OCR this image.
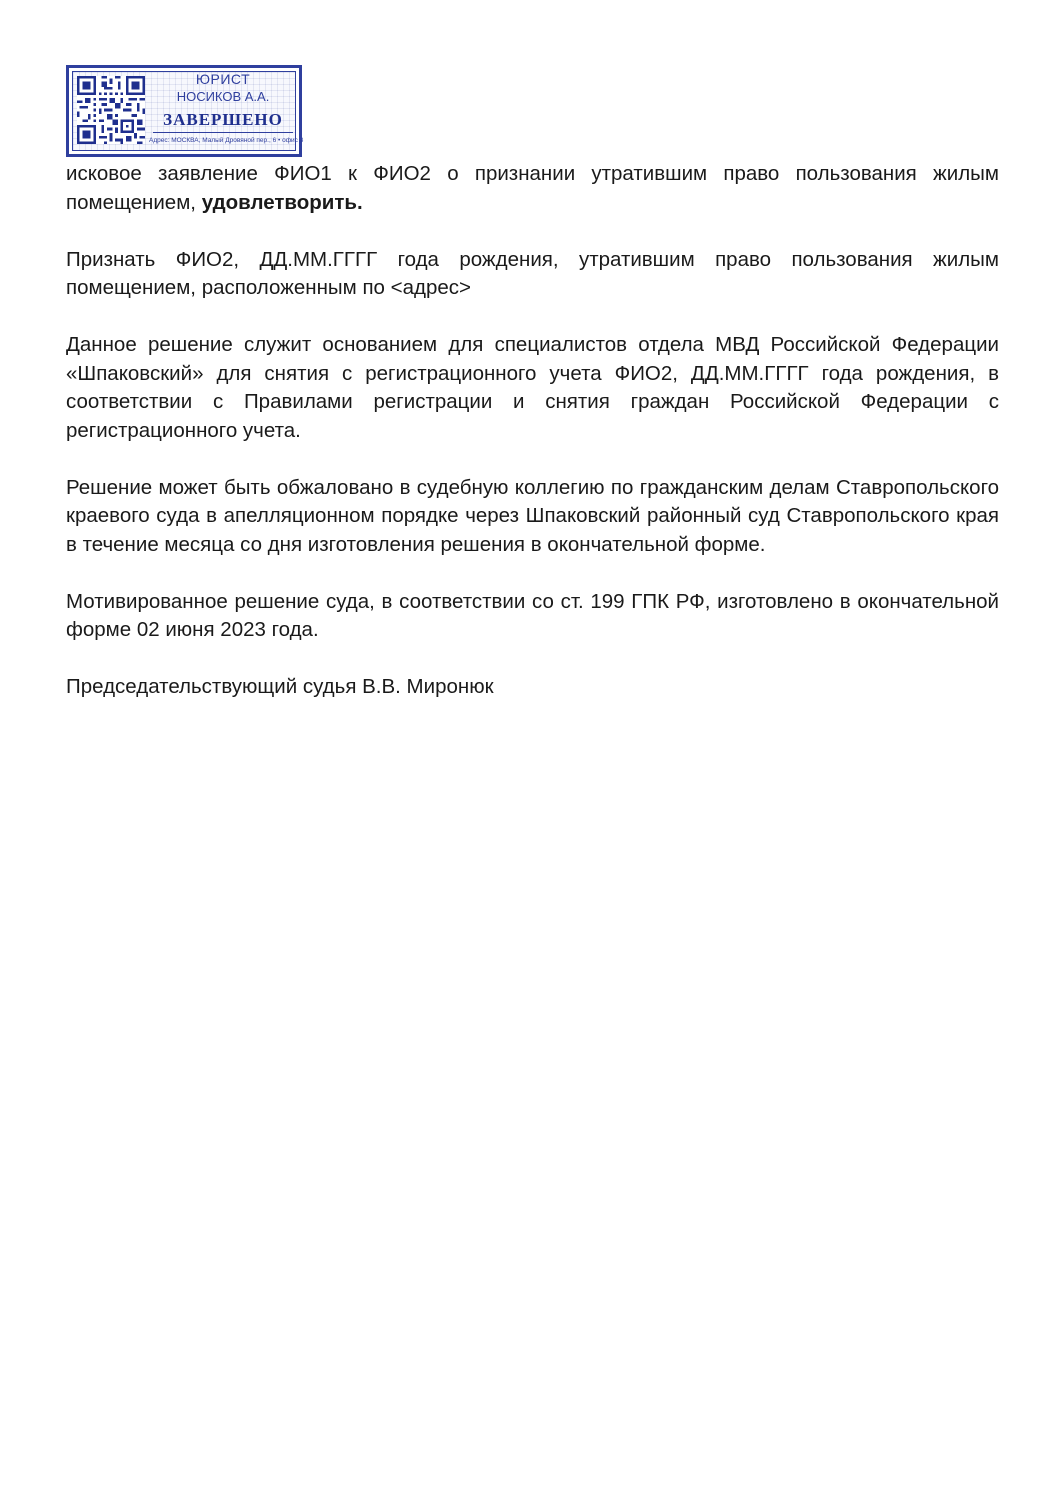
ЮРИСТ
НОСИКОВ А.А.
ЗАВЕРШЕНО
Адрес: МОСКВА, Малый Дровяной пер., 6 • офис 3

исковое заявление ФИО1 к ФИО2 о признании утратившим право пользования жилым помещением, удовлетворить.

Признать ФИО2, ДД.ММ.ГГГГ года рождения, утратившим право пользования жилым помещением, расположенным по <адрес>

Данное решение служит основанием для специалистов отдела МВД Российской Федерации «Шпаковский» для снятия с регистрационного учета ФИО2, ДД.ММ.ГГГГ года рождения, в соответствии с Правилами регистрации и снятия граждан Российской Федерации с регистрационного учета.

Решение может быть обжаловано в судебную коллегию по гражданским делам Ставропольского краевого суда в апелляционном порядке через Шпаковский районный суд Ставропольского края в течение месяца со дня изготовления решения в окончательной форме.

Мотивированное решение суда, в соответствии со ст. 199 ГПК РФ, изготовлено в окончательной форме 02 июня 2023 года.

Председательствующий судья В.В. Миронюк
